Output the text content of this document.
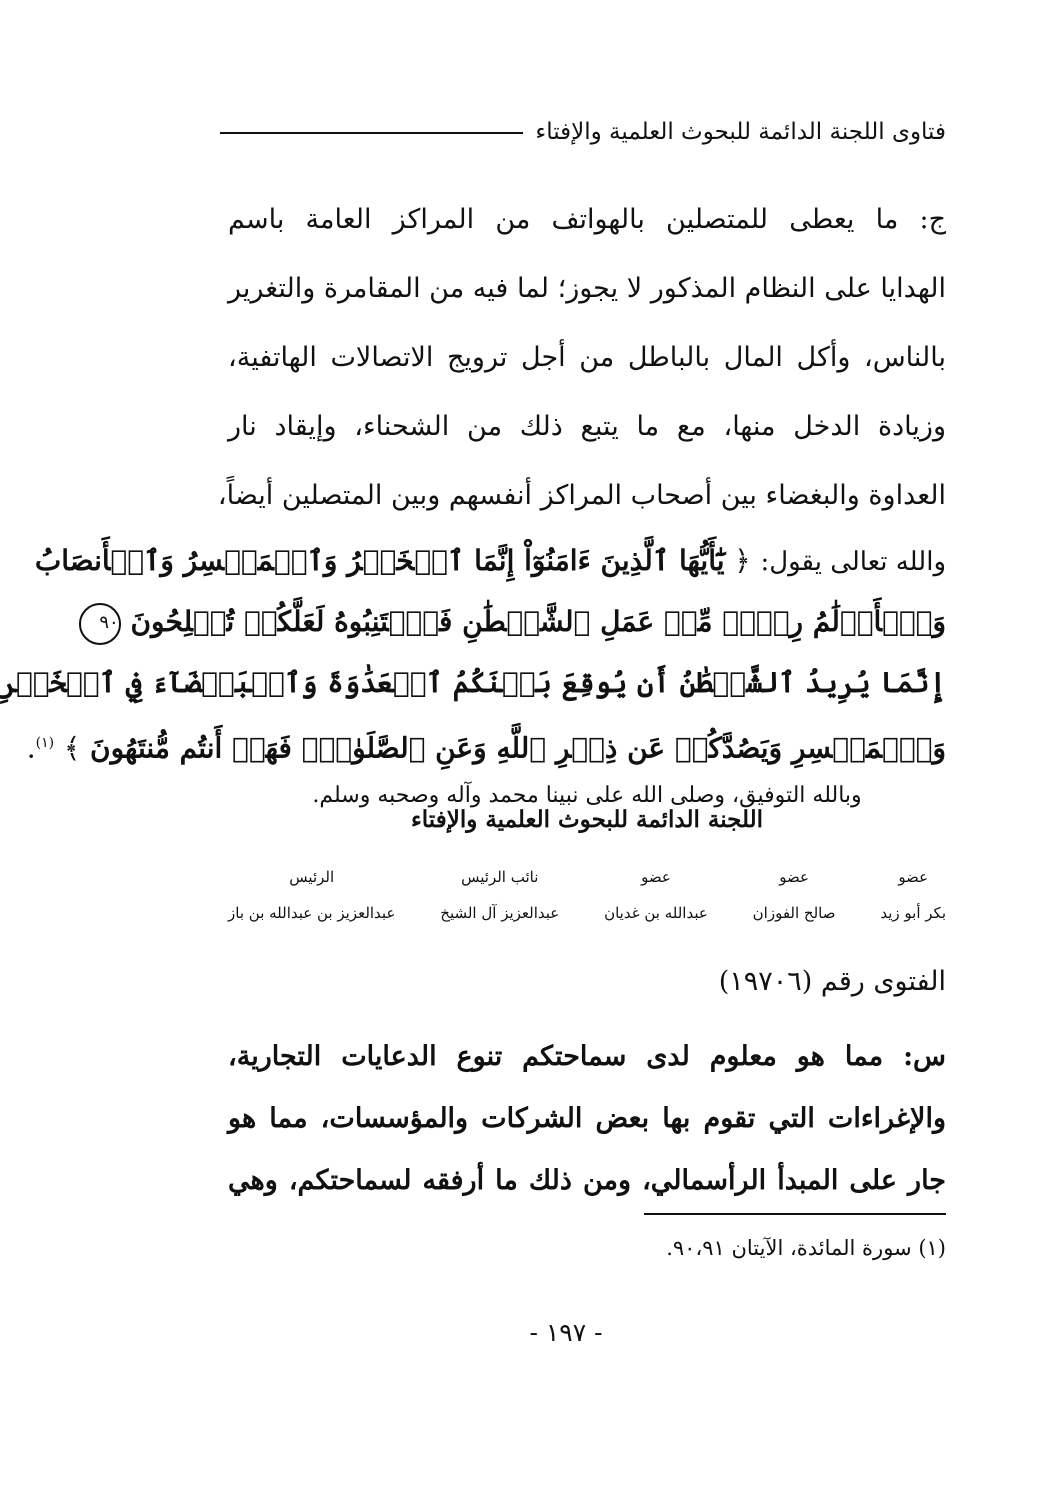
فتاوى اللجنة الدائمة للبحوث العلمية والإفتاء
ج: ما يعطى للمتصلين بالهواتف من المراكز العامة باسم
الهدايا على النظام المذكور لا يجوز؛ لما فيه من المقامرة والتغرير
بالناس، وأكل المال بالباطل من أجل ترويج الاتصالات الهاتفية،
وزيادة الدخل منها، مع ما يتبع ذلك من الشحناء، وإيقاد نار
العداوة والبغضاء بين أصحاب المراكز أنفسهم وبين المتصلين أيضاً،
والله تعالى يقول: ﴿ يَٰٓأَيُّهَا ٱلَّذِينَ ءَامَنُوٓاْ إِنَّمَا ٱلۡخَمۡرُ وَٱلۡمَيۡسِرُ وَٱلۡأَنصَابُ
وَٱلۡأَزۡلَٰمُ رِجۡسٞ مِّنۡ عَمَلِ ٱلشَّيۡطَٰنِ فَٱجۡتَنِبُوهُ لَعَلَّكُمۡ تُفۡلِحُونَ ٩٠
إِنَّمَا يُرِيدُ ٱلشَّيۡطَٰنُ أَن يُوقِعَ بَيۡنَكُمُ ٱلۡعَدَٰوَةَ وَٱلۡبَغۡضَآءَ فِي ٱلۡخَمۡرِ
وَٱلۡمَيۡسِرِ وَيَصُدَّكُمۡ عَن ذِكۡرِ ٱللَّهِ وَعَنِ ٱلصَّلَوٰةِۖ فَهَلۡ أَنتُم مُّنتَهُونَ ﴾ $^{(١)}$.
وبالله التوفيق، وصلى الله على نبينا محمد وآله وصحبه وسلم.
اللجنة الدائمة للبحوث العلمية والإفتاء
عضو
بكر أبو زيد
عضو
صالح الفوزان
عضو
عبدالله بن غديان
نائب الرئيس
عبدالعزيز آل الشيخ
الرئيس
عبدالعزيز بن عبدالله بن باز
الفتوى رقم (١٩٧٠٦)
س: مما هو معلوم لدى سماحتكم تنوع الدعايات التجارية،
والإغراءات التي تقوم بها بعض الشركات والمؤسسات، مما هو
جار على المبدأ الرأسمالي، ومن ذلك ما أرفقه لسماحتكم، وهي
(١) سورة المائدة، الآيتان ٩٠،٩١.
- ١٩٧ -
